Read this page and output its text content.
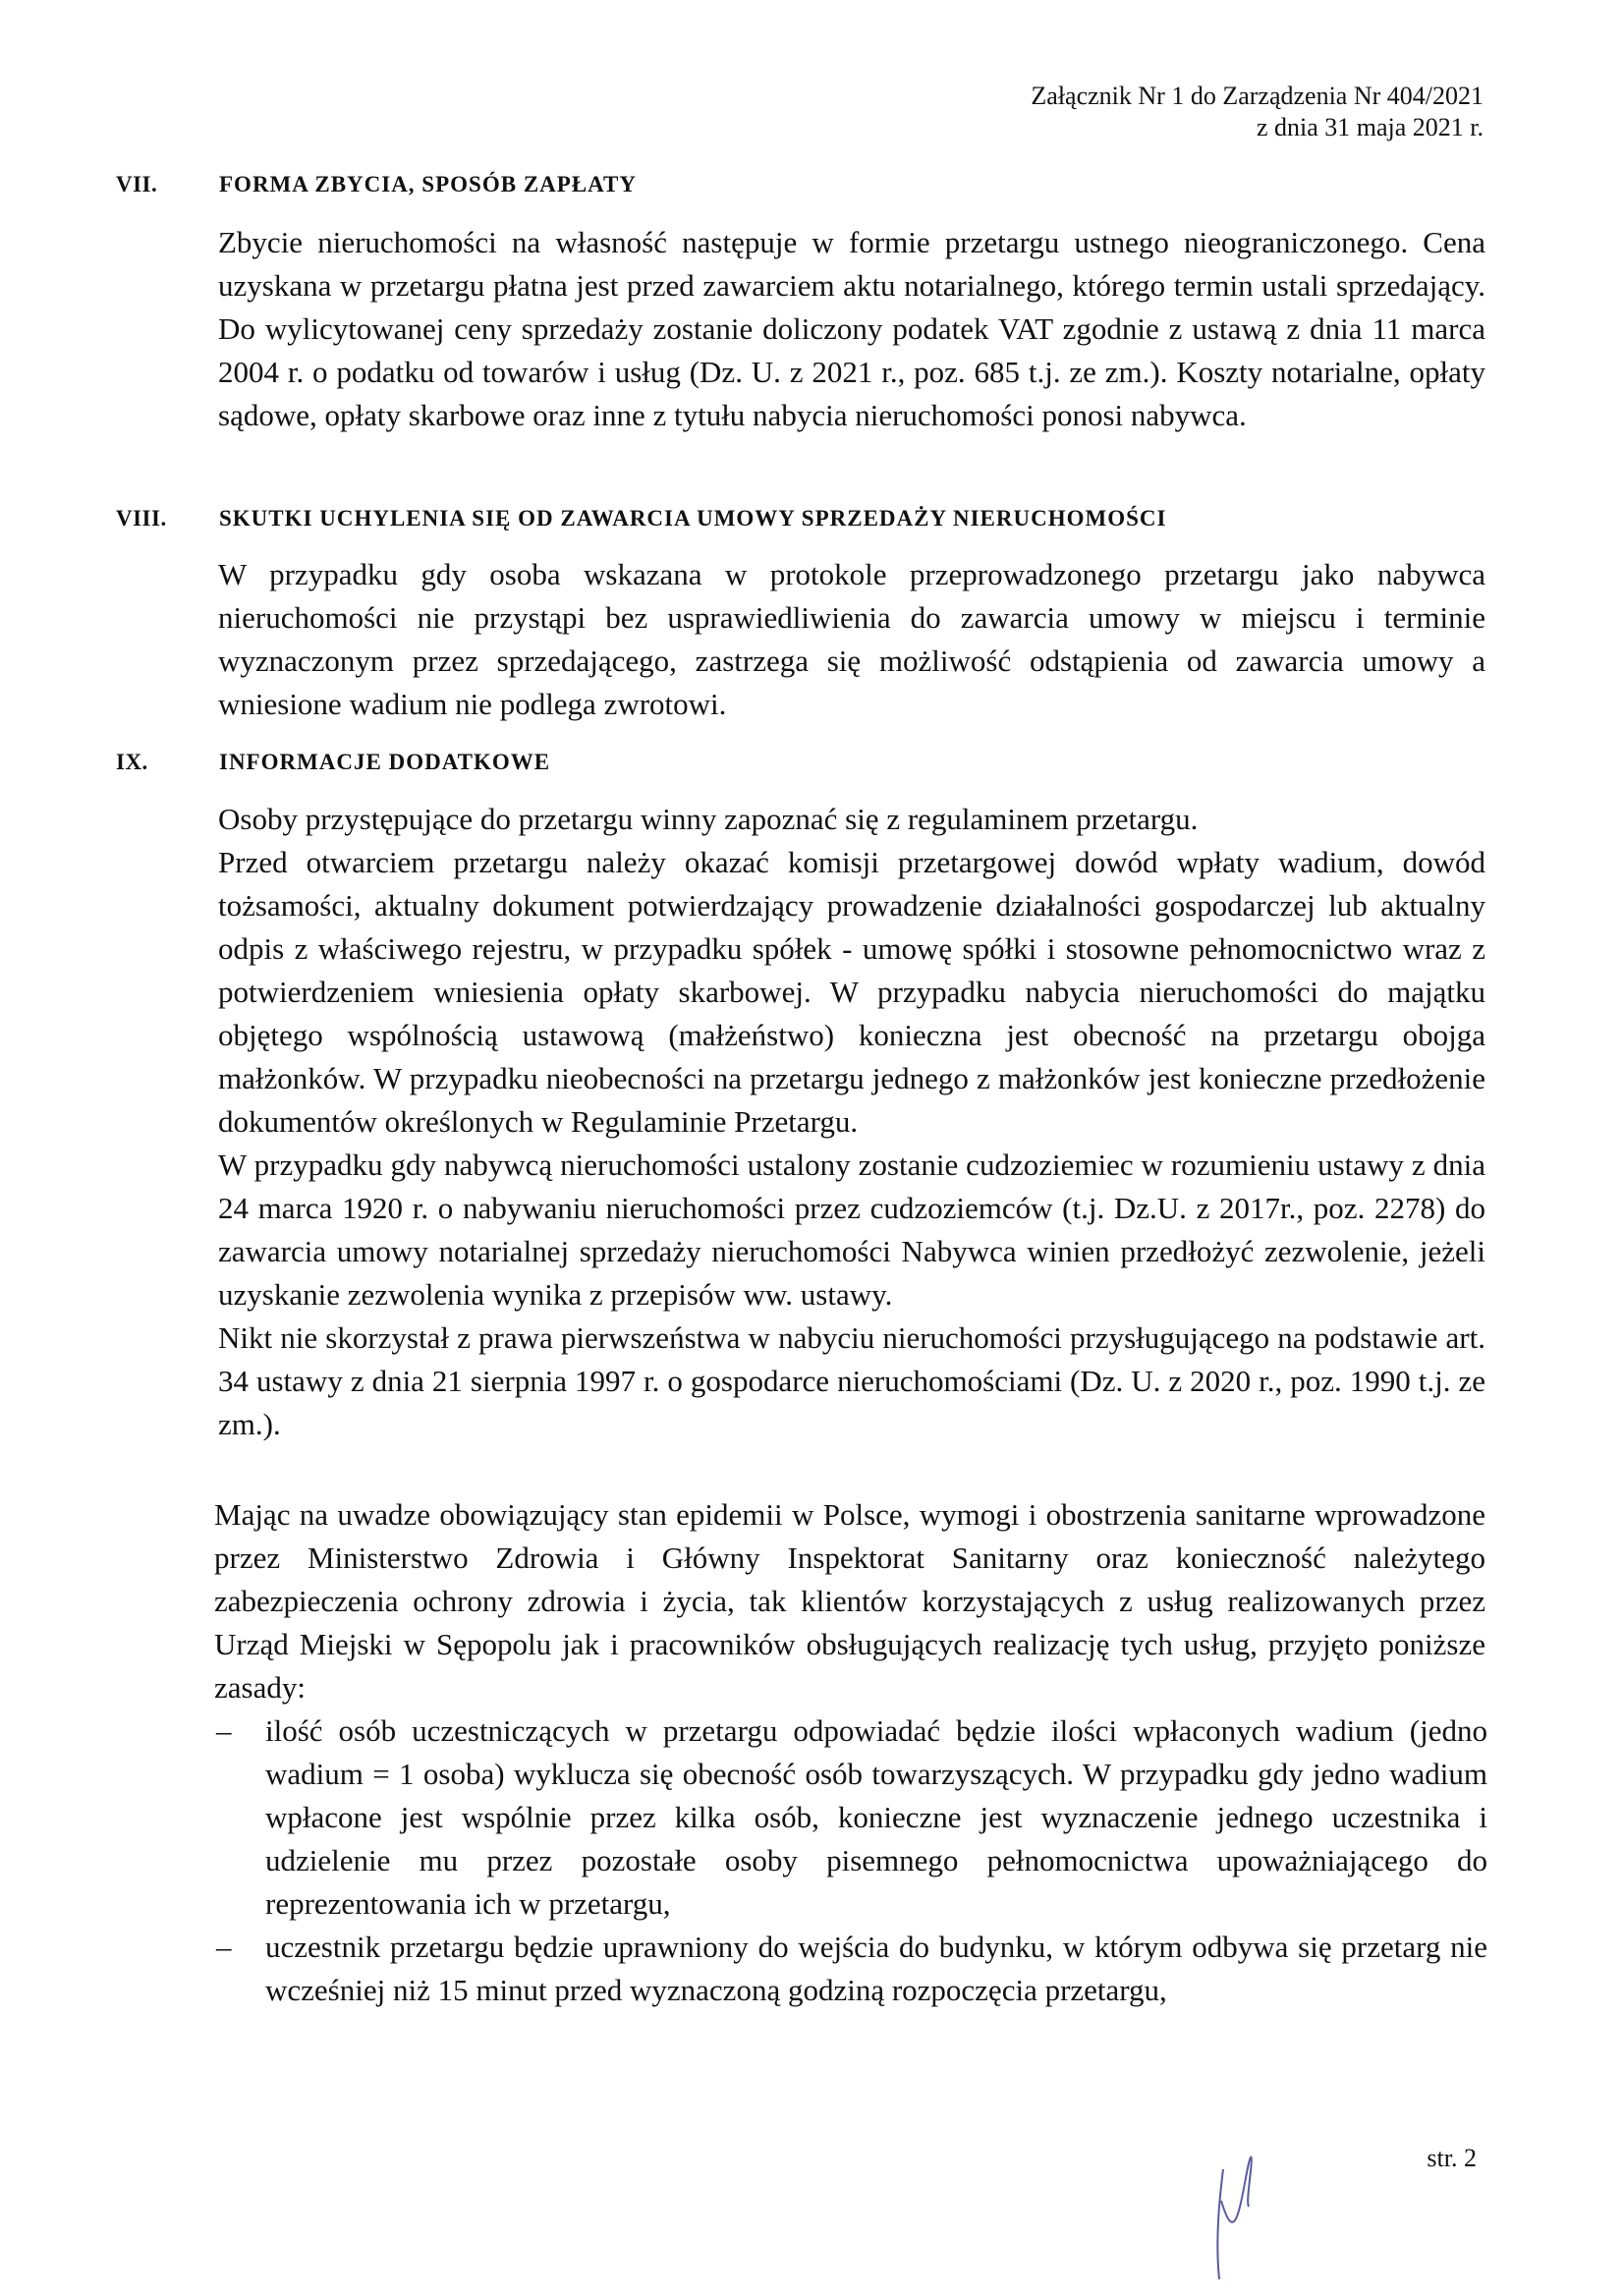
Załącznik Nr 1 do Zarządzenia Nr 404/2021
z dnia 31 maja 2021 r.
VII.	FORMA ZBYCIA, SPOSÓB ZAPŁATY

Zbycie nieruchomości na własność następuje w formie przetargu ustnego nieograniczonego. Cena uzyskana w przetargu płatna jest przed zawarciem aktu notarialnego, którego termin ustali sprzedający. Do wylicytowanej ceny sprzedaży zostanie doliczony podatek VAT zgodnie z ustawą z dnia 11 marca 2004 r. o podatku od towarów i usług (Dz. U. z 2021 r., poz. 685 t.j. ze zm.). Koszty notarialne, opłaty sądowe, opłaty skarbowe oraz inne z tytułu nabycia nieruchomości ponosi nabywca.

VIII.	SKUTKI UCHYLENIA SIĘ OD ZAWARCIA UMOWY SPRZEDAŻY NIERUCHOMOŚCI

W przypadku gdy osoba wskazana w protokole przeprowadzonego przetargu jako nabywca nieruchomości nie przystąpi bez usprawiedliwienia do zawarcia umowy w miejscu i terminie wyznaczonym przez sprzedającego, zastrzega się możliwość odstąpienia od zawarcia umowy a wniesione wadium nie podlega zwrotowi.

IX.	INFORMACJE DODATKOWE

Osoby przystępujące do przetargu winny zapoznać się z regulaminem przetargu.

Przed otwarciem przetargu należy okazać komisji przetargowej dowód wpłaty wadium, dowód tożsamości, aktualny dokument potwierdzający prowadzenie działalności gospodarczej lub aktualny odpis z właściwego rejestru, w przypadku spółek - umowę spółki i stosowne pełnomocnictwo wraz z potwierdzeniem wniesienia opłaty skarbowej. W przypadku nabycia nieruchomości do majątku objętego wspólnością ustawową (małżeństwo) konieczna jest obecność na przetargu obojga małżonków. W przypadku nieobecności na przetargu jednego z małżonków jest konieczne przedłożenie dokumentów określonych w Regulaminie Przetargu.

W przypadku gdy nabywcą nieruchomości ustalony zostanie cudzoziemiec w rozumieniu ustawy z dnia 24 marca 1920 r. o nabywaniu nieruchomości przez cudzoziemców (t.j. Dz.U. z 2017r., poz. 2278) do zawarcia umowy notarialnej sprzedaży nieruchomości Nabywca winien przedłożyć zezwolenie, jeżeli uzyskanie zezwolenia wynika z przepisów ww. ustawy.

Nikt nie skorzystał z prawa pierwszeństwa w nabyciu nieruchomości przysługującego na podstawie art. 34 ustawy z dnia 21 sierpnia 1997 r. o gospodarce nieruchomościami (Dz. U. z 2020 r., poz. 1990 t.j. ze zm.).

Mając na uwadze obowiązujący stan epidemii w Polsce, wymogi i obostrzenia sanitarne wprowadzone przez Ministerstwo Zdrowia i Główny Inspektorat Sanitarny oraz konieczność należytego zabezpieczenia ochrony zdrowia i życia, tak klientów korzystających z usług realizowanych przez Urząd Miejski w Sępopolu jak i pracowników obsługujących realizację tych usług, przyjęto poniższe zasady:

– ilość osób uczestniczących w przetargu odpowiadać będzie ilości wpłaconych wadium (jedno wadium = 1 osoba) wyklucza się obecność osób towarzyszących. W przypadku gdy jedno wadium wpłacone jest wspólnie przez kilka osób, konieczne jest wyznaczenie jednego uczestnika i udzielenie mu przez pozostałe osoby pisemnego pełnomocnictwa upoważniającego do reprezentowania ich w przetargu,
– uczestnik przetargu będzie uprawniony do wejścia do budynku, w którym odbywa się przetarg nie wcześniej niż 15 minut przed wyznaczoną godziną rozpoczęcia przetargu,
str. 2
